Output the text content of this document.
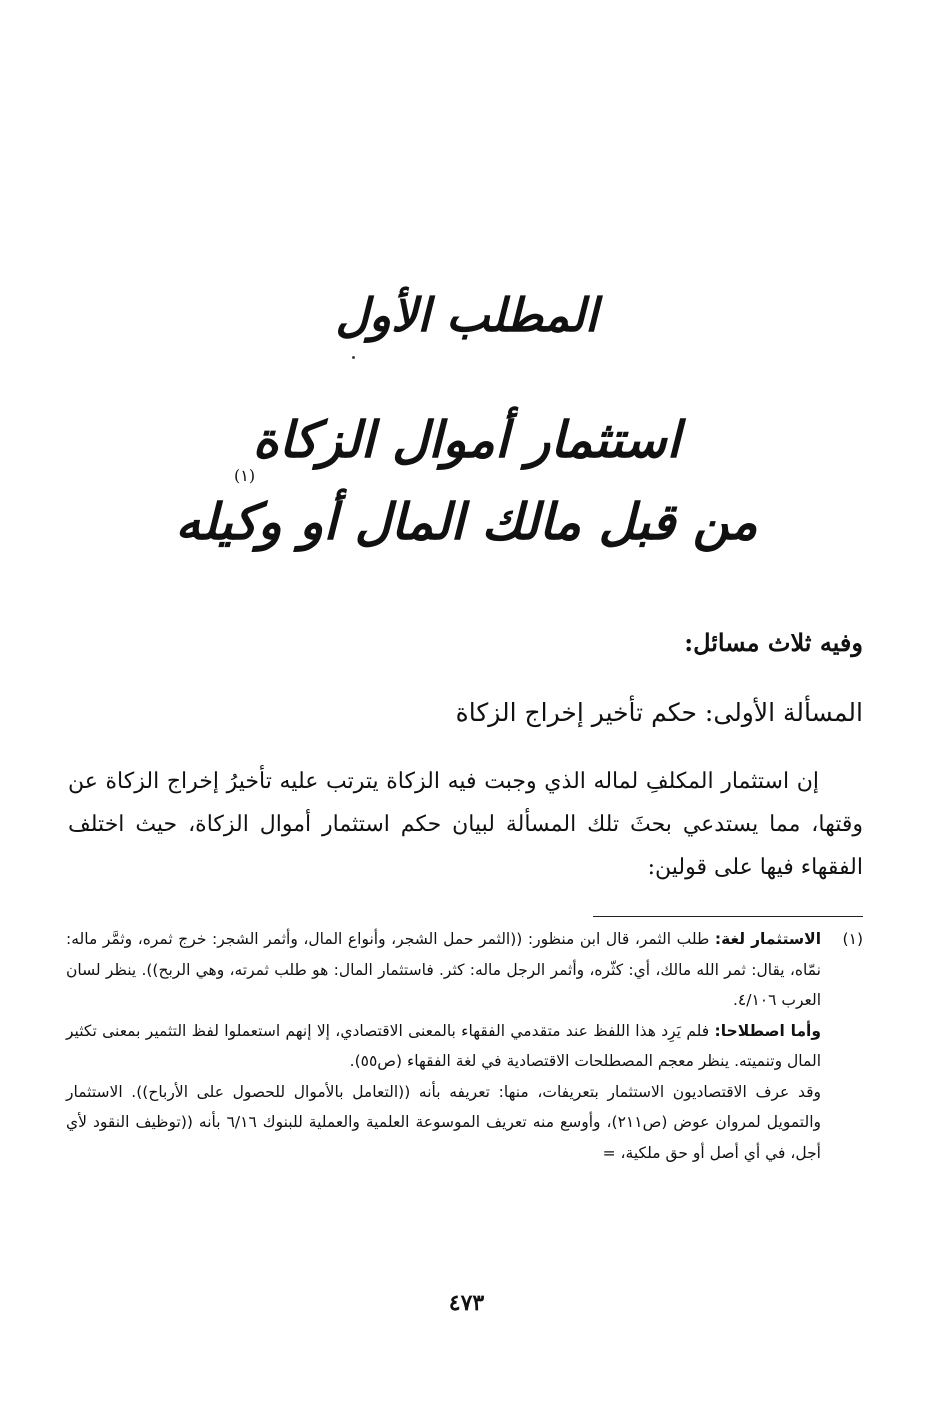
المطلب الأول
استثمار أموال الزكاة
(١)
من قبل مالك المال أو وكيله
وفيه ثلاث مسائل:
المسألة الأولى: حكم تأخير إخراج الزكاة
إن استثمار المكلفِ لماله الذي وجبت فيه الزكاة يترتب عليه تأخيرُ إخراج الزكاة عن وقتها، مما يستدعي بحثَ تلك المسألة لبيان حكم استثمار أموال الزكاة، حيث اختلف الفقهاء فيها على قولين:

(١)
الاستثمار لغة: طلب الثمر، قال ابن منظور: ((الثمر حمل الشجر، وأنواع المال، وأثمر الشجر: خرج ثمره، وثمَّر ماله: نمّاه، يقال: ثمر الله مالك، أي: كثّره، وأثمر الرجل ماله: كثر. فاستثمار المال: هو طلب ثمرته، وهي الربح)). ينظر لسان العرب ٤/١٠٦.

وأما اصطلاحا: فلم يَرِد هذا اللفظ عند متقدمي الفقهاء بالمعنى الاقتصادي، إلا إنهم استعملوا لفظ التثمير بمعنى تكثير المال وتنميته. ينظر معجم المصطلحات الاقتصادية في لغة الفقهاء (ص٥٥).

وقد عرف الاقتصاديون الاستثمار بتعريفات، منها: تعريفه بأنه ((التعامل بالأموال للحصول على الأرباح)). الاستثمار والتمويل لمروان عوض (ص٢١١)، وأوسع منه تعريف الموسوعة العلمية والعملية للبنوك ٦/١٦ بأنه ((توظيف النقود لأي أجل، في أي أصل أو حق ملكية، =

٤٧٣
